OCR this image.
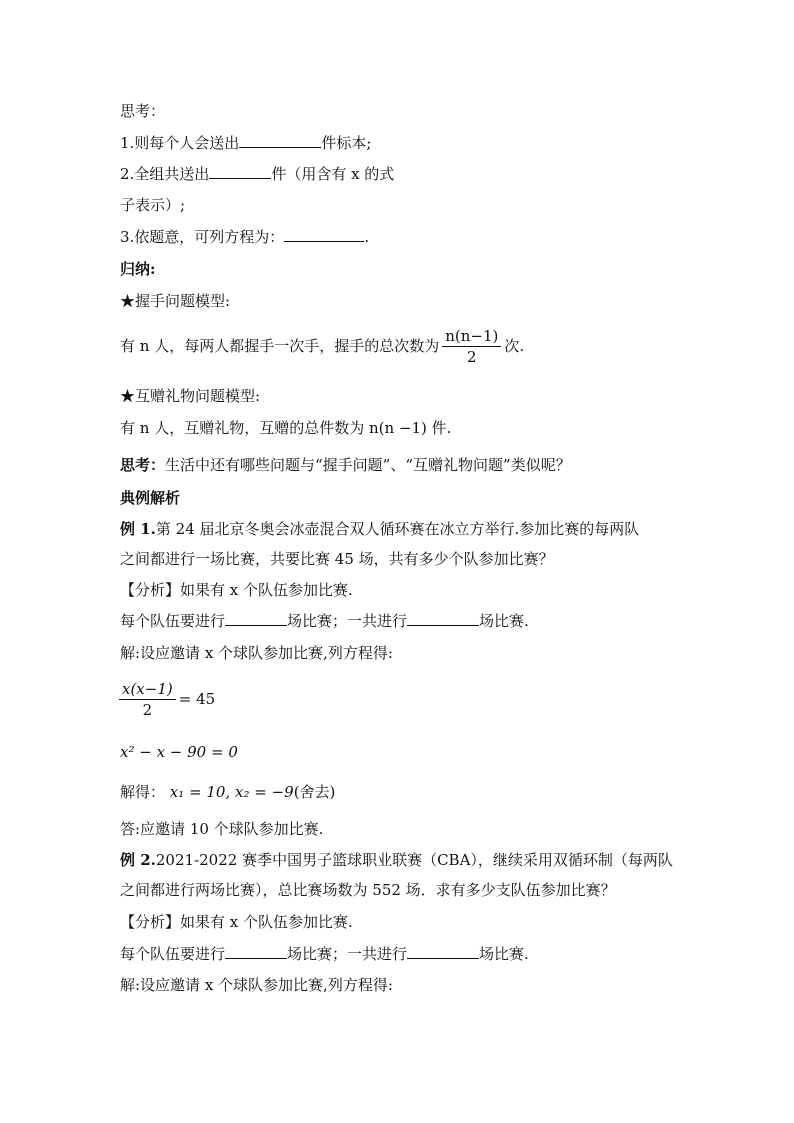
思考：
1.则每个人会送出	件标本;
2.全组共送出	件（用含有 x 的式
子表示）;
3.依题意，可列方程为：	.
归纳:
★握手问题模型:
有 n 人，每两人都握手一次手，握手的总次数为 $\frac{n(n-1)}{2}$ 次.
★互赠礼物问题模型:
有 n 人，互赠礼物，互赠的总件数为 n(n −1) 件.
思考：生活中还有哪些问题与“握手问题”、“互赠礼物问题”类似呢？
典例解析
例 1.第 24 届北京冬奥会冰壶混合双人循环赛在冰立方举行.参加比赛的每两队
之间都进行一场比赛，共要比赛 45 场，共有多少个队参加比赛？
【分析】如果有 x 个队伍参加比赛.
每个队伍要进行	场比赛；一共进行	场比赛.
解:设应邀请 x 个球队参加比赛,列方程得:
$\frac{x(x-1)}{2} = 45$
x² − x − 90 = 0
解得： x₁ = 10, x₂ = −9(舍去)
答:应邀请 10 个球队参加比赛.
例 2.2021-2022 赛季中国男子篮球职业联赛（CBA），继续采用双循环制（每两队
之间都进行两场比赛），总比赛场数为 552 场．求有多少支队伍参加比赛？
【分析】如果有 x 个队伍参加比赛.
每个队伍要进行	场比赛；一共进行	场比赛.
解:设应邀请 x 个球队参加比赛,列方程得:
